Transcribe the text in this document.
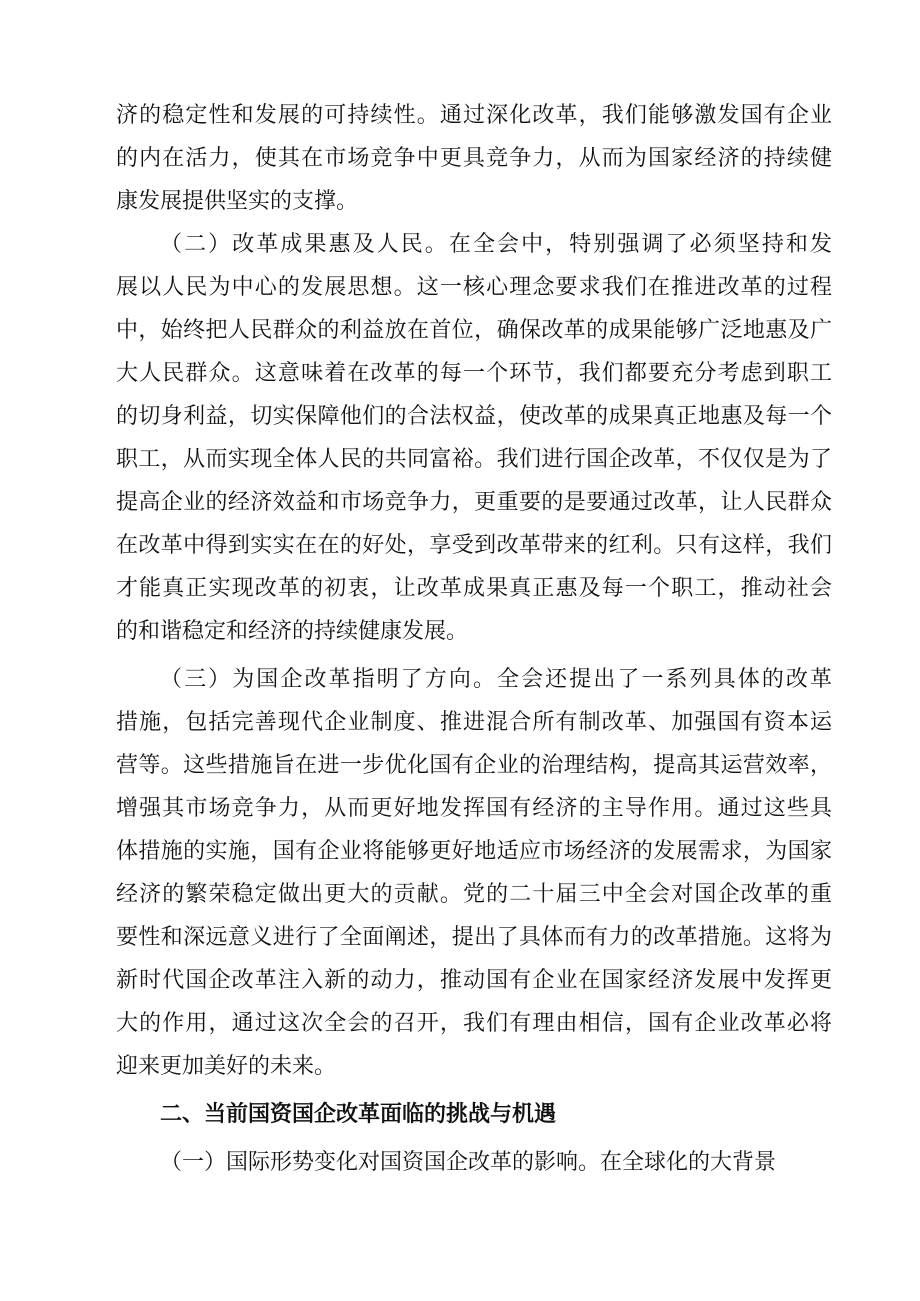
济的稳定性和发展的可持续性。通过深化改革，我们能够激发国有企业
的内在活力，使其在市场竞争中更具竞争力，从而为国家经济的持续健
康发展提供坚实的支撑。
（二）改革成果惠及人民。在全会中，特别强调了必须坚持和发
展以人民为中心的发展思想。这一核心理念要求我们在推进改革的过程
中，始终把人民群众的利益放在首位，确保改革的成果能够广泛地惠及广
大人民群众。这意味着在改革的每一个环节，我们都要充分考虑到职工
的切身利益，切实保障他们的合法权益，使改革的成果真正地惠及每一个
职工，从而实现全体人民的共同富裕。我们进行国企改革，不仅仅是为了
提高企业的经济效益和市场竞争力，更重要的是要通过改革，让人民群众
在改革中得到实实在在的好处，享受到改革带来的红利。只有这样，我们
才能真正实现改革的初衷，让改革成果真正惠及每一个职工，推动社会
的和谐稳定和经济的持续健康发展。
（三）为国企改革指明了方向。全会还提出了一系列具体的改革
措施，包括完善现代企业制度、推进混合所有制改革、加强国有资本运
营等。这些措施旨在进一步优化国有企业的治理结构，提高其运营效率，
增强其市场竞争力，从而更好地发挥国有经济的主导作用。通过这些具
体措施的实施，国有企业将能够更好地适应市场经济的发展需求，为国家
经济的繁荣稳定做出更大的贡献。党的二十届三中全会对国企改革的重
要性和深远意义进行了全面阐述，提出了具体而有力的改革措施。这将为
新时代国企改革注入新的动力，推动国有企业在国家经济发展中发挥更
大的作用，通过这次全会的召开，我们有理由相信，国有企业改革必将
迎来更加美好的未来。
二、当前国资国企改革面临的挑战与机遇
（一）国际形势变化对国资国企改革的影响。在全球化的大背景
